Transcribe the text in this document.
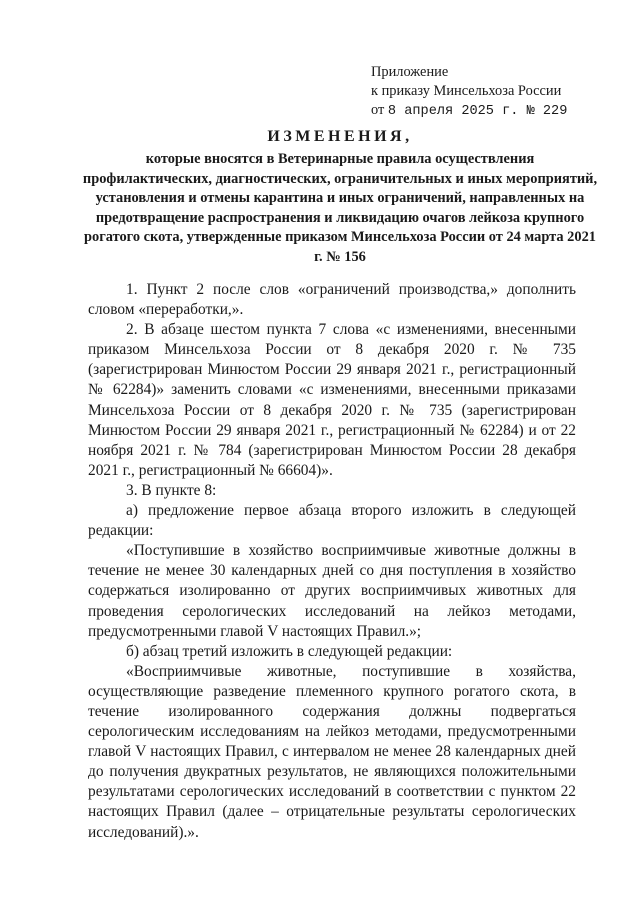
Приложение
к приказу Минсельхоза России
от 8 апреля 2025 г. № 229
ИЗМЕНЕНИЯ,
которые вносятся в Ветеринарные правила осуществления профилактических, диагностических, ограничительных и иных мероприятий, установления и отмены карантина и иных ограничений, направленных на предотвращение распространения и ликвидацию очагов лейкоза крупного рогатого скота, утвержденные приказом Минсельхоза России от 24 марта 2021 г. № 156

1. Пункт 2 после слов «ограничений производства,» дополнить словом «переработки,».

2. В абзаце шестом пункта 7 слова «с изменениями, внесенными приказом Минсельхоза России от 8 декабря 2020 г. № 735 (зарегистрирован Минюстом России 29 января 2021 г., регистрационный № 62284)» заменить словами «с изменениями, внесенными приказами Минсельхоза России от 8 декабря 2020 г. № 735 (зарегистрирован Минюстом России 29 января 2021 г., регистрационный № 62284) и от 22 ноября 2021 г. № 784 (зарегистрирован Минюстом России 28 декабря 2021 г., регистрационный № 66604)».

3. В пункте 8:

а) предложение первое абзаца второго изложить в следующей редакции:

«Поступившие в хозяйство восприимчивые животные должны в течение не менее 30 календарных дней со дня поступления в хозяйство содержаться изолированно от других восприимчивых животных для проведения серологических исследований на лейкоз методами, предусмотренными главой V настоящих Правил.»;

б) абзац третий изложить в следующей редакции:

«Восприимчивые животные, поступившие в хозяйства, осуществляющие разведение племенного крупного рогатого скота, в течение изолированного содержания должны подвергаться серологическим исследованиям на лейкоз методами, предусмотренными главой V настоящих Правил, с интервалом не менее 28 календарных дней до получения двукратных результатов, не являющихся положительными результатами серологических исследований в соответствии с пунктом 22 настоящих Правил (далее – отрицательные результаты серологических исследований).».
